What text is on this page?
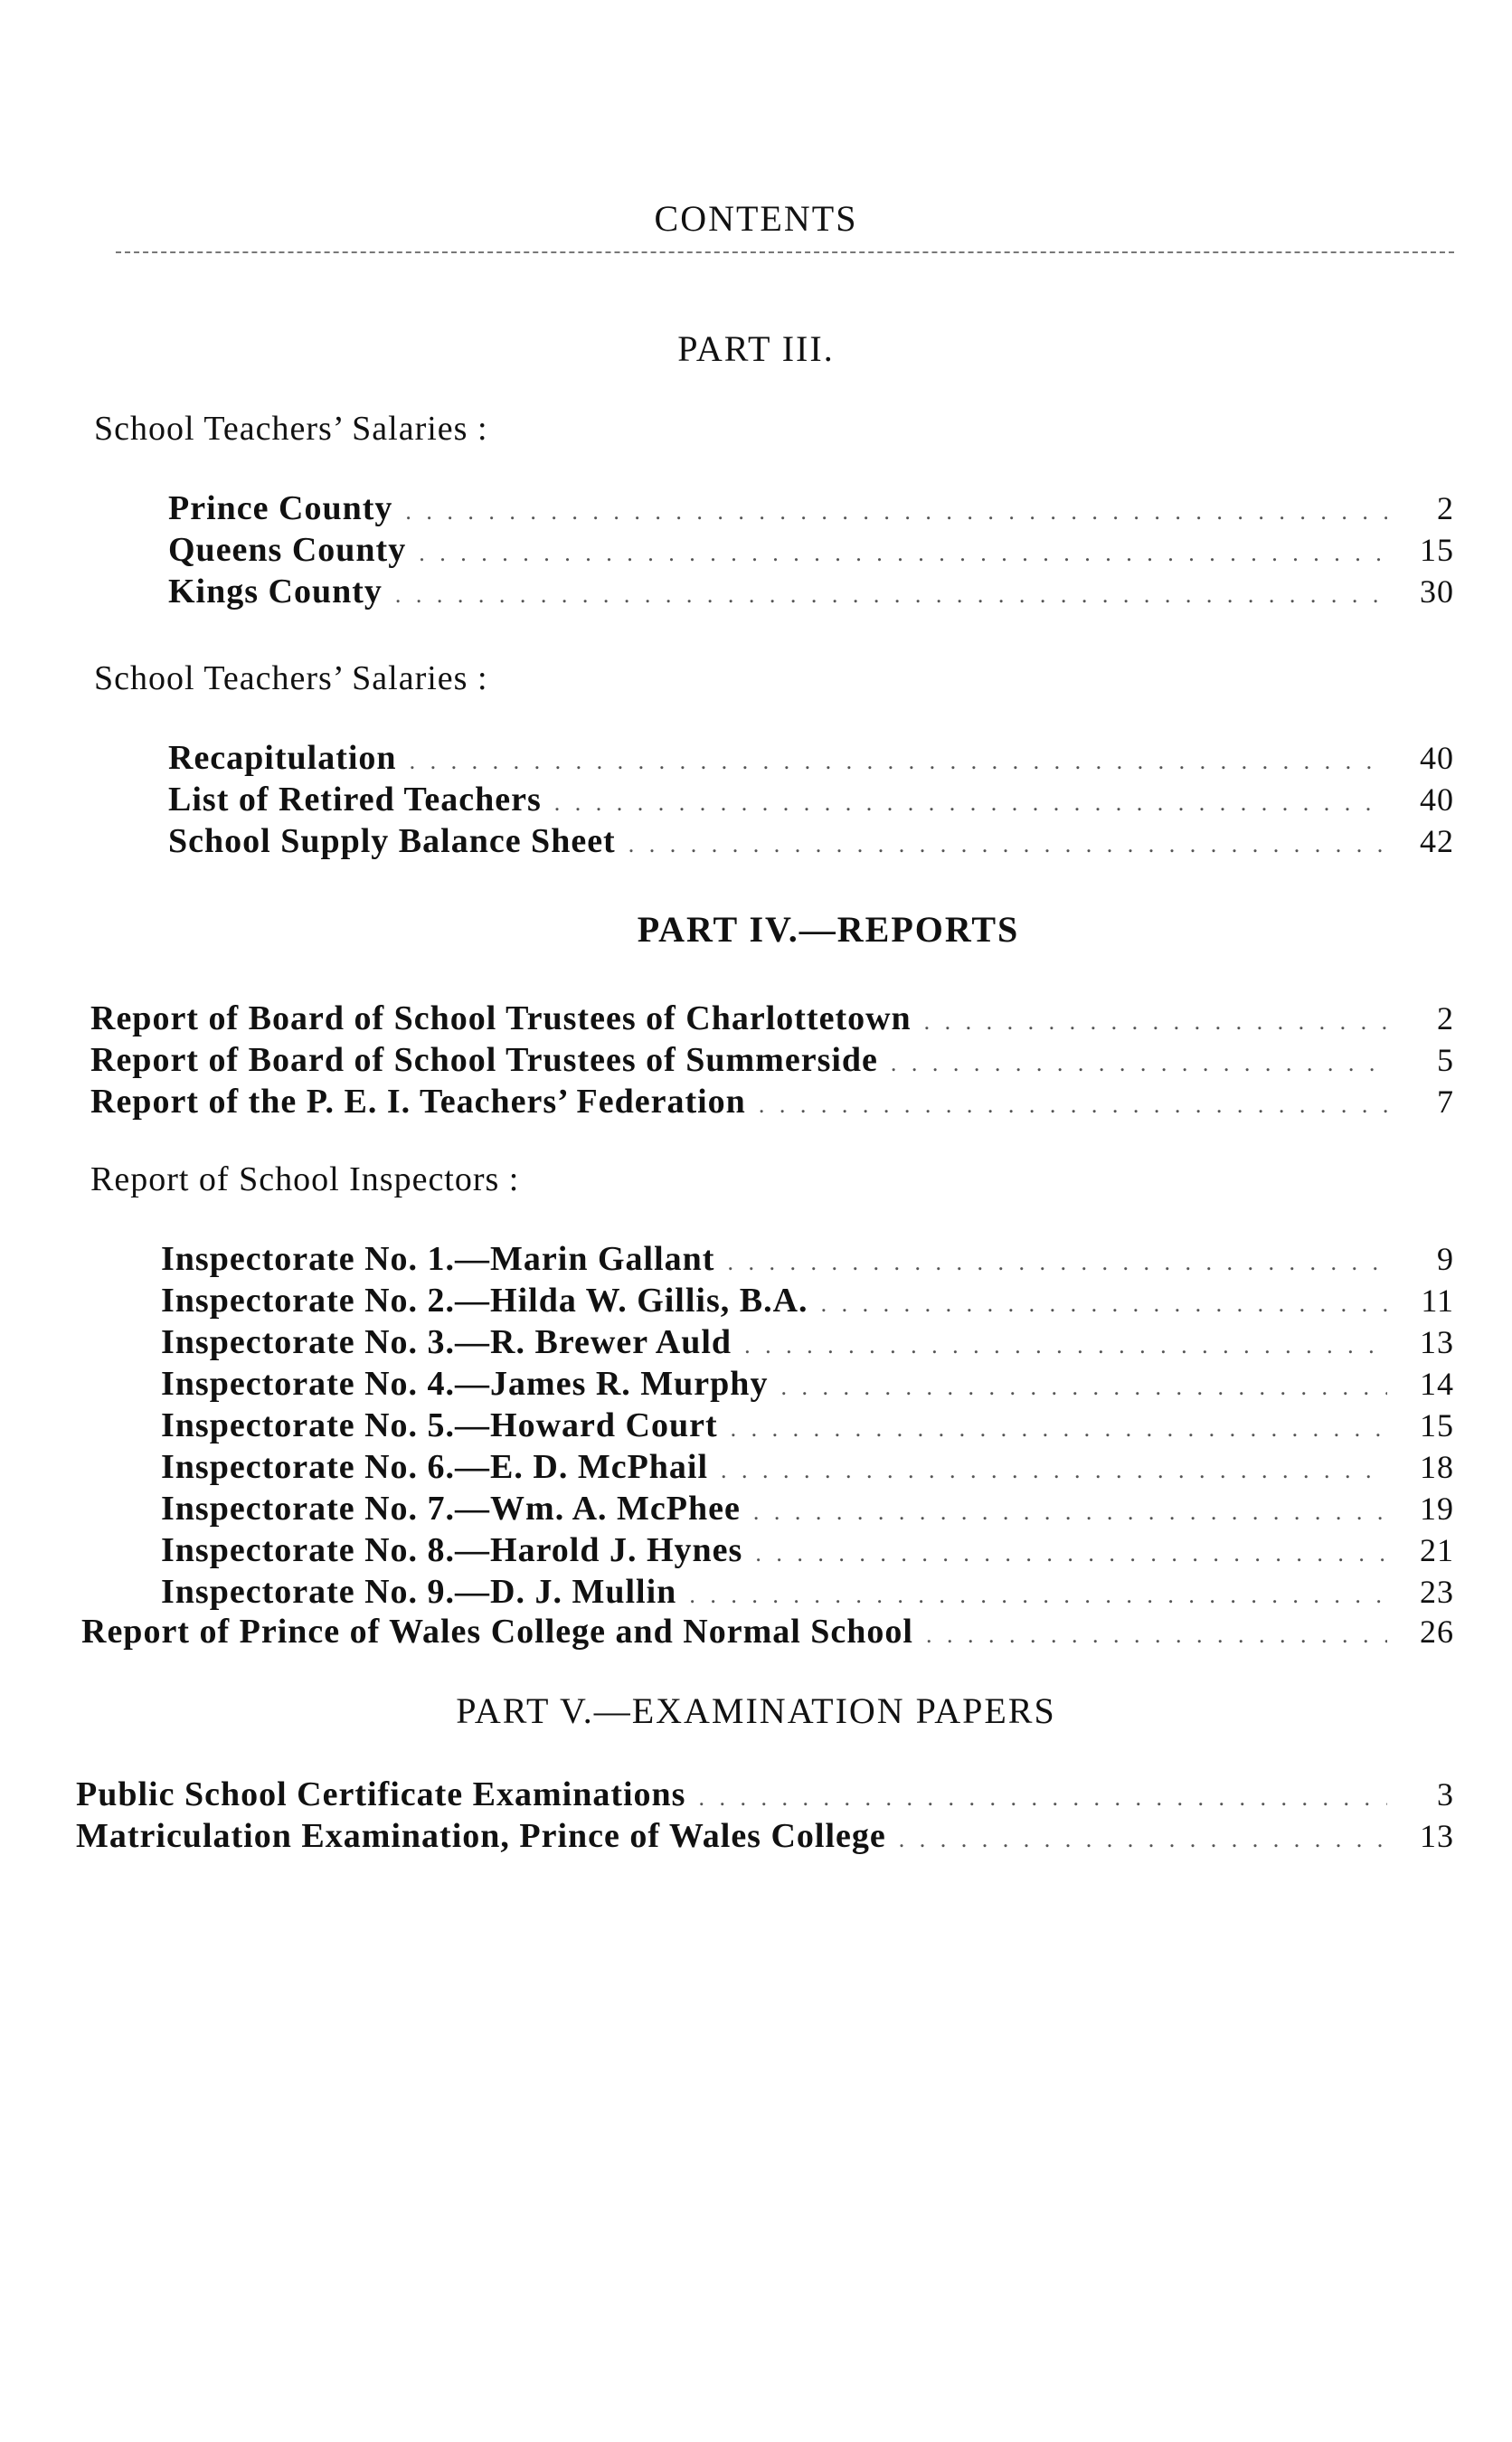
CONTENTS
PART III.
School Teachers’ Salaries :
Prince County . . .	2
Queens County . . .	15
Kings County . . .	30
School Teachers’ Salaries :
Recapitulation . . .	40
List of Retired Teachers . . .	40
School Supply Balance Sheet . . .	42
PART IV.—REPORTS
Report of Board of School Trustees of Charlottetown . . .	2
Report of Board of School Trustees of Summerside . . .	5
Report of the P. E. I. Teachers’ Federation . . .	7
Report of School Inspectors :
Inspectorate No. 1.—Marin Gallant . . .	9
Inspectorate No. 2.—Hilda W. Gillis, B.A. . . .	11
Inspectorate No. 3.—R. Brewer Auld . . .	13
Inspectorate No. 4.—James R. Murphy . . .	14
Inspectorate No. 5.—Howard Court . . .	15
Inspectorate No. 6.—E. D. McPhail . . .	18
Inspectorate No. 7.—Wm. A. McPhee . . .	19
Inspectorate No. 8.—Harold J. Hynes . . .	21
Inspectorate No. 9.—D. J. Mullin . . .	23
Report of Prince of Wales College and Normal School . . .	26
PART V.—EXAMINATION PAPERS
Public School Certificate Examinations . . .	3
Matriculation Examination, Prince of Wales College . . .	13
